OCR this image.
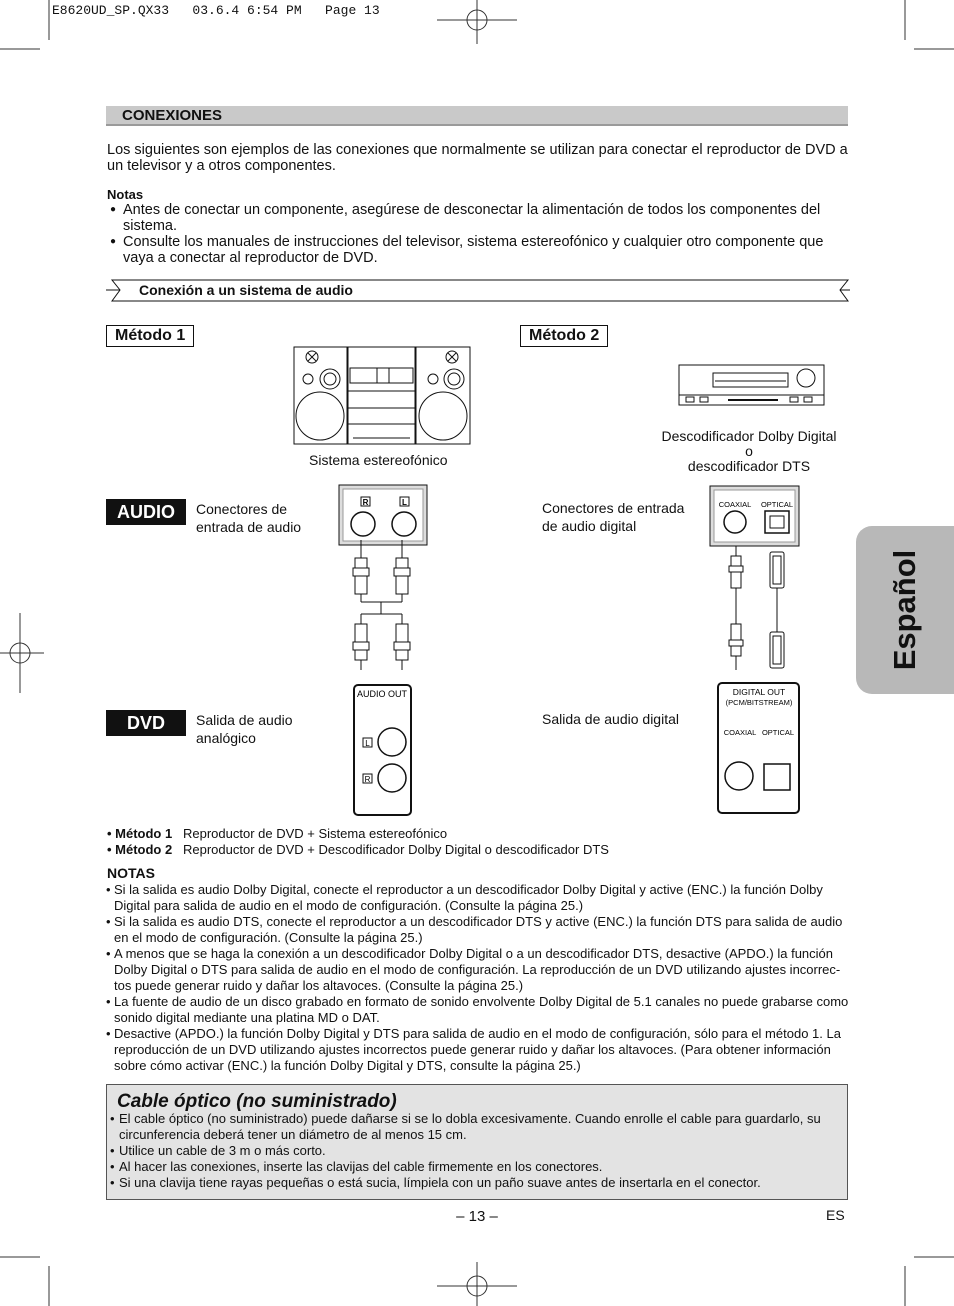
E8620UD_SP.QX33   03.6.4 6:54 PM   Page 13
CONEXIONES
Los siguientes son ejemplos de las conexiones que normalmente se utilizan para conectar el reproductor de DVD a un televisor y a otros componentes.
Notas
● Antes de conectar un componente, asegúrese de desconectar la alimentación de todos los componentes del sistema.
● Consulte los manuales de instrucciones del televisor, sistema estereofónico y cualquier otro componente que vaya a conectar al reproductor de DVD.
Conexión a un sistema de audio
Método 1	Método 2
Sistema estereofónico
Descodificador Dolby Digital
o
descodificador DTS
AUDIO
DVD
Conectores de
entrada de audio
Conectores de entrada
de audio digital
Salida de audio
analógico
Salida de audio digital
R	L
AUDIO OUT
L
R
COAXIAL OPTICAL
DIGITAL OUT
(PCM/BITSTREAM)
COAXIAL OPTICAL
• Método 1 Reproductor de DVD + Sistema estereofónico
• Método 2 Reproductor de DVD + Descodificador Dolby Digital o descodificador DTS
NOTAS
• Si la salida es audio Dolby Digital, conecte el reproductor a un descodificador Dolby Digital y active (ENC.) la función Dolby Digital para salida de audio en el modo de configuración. (Consulte la página 25.)
• Si la salida es audio DTS, conecte el reproductor a un descodificador DTS y active (ENC.) la función DTS para salida de audio en el modo de configuración. (Consulte la página 25.)
• A menos que se haga la conexión a un descodificador Dolby Digital o a un descodificador DTS, desactive (APDO.) la función Dolby Digital o DTS para salida de audio en el modo de configuración. La reproducción de un DVD utilizando ajustes incorrec-tos puede generar ruido y dañar los altavoces. (Consulte la página 25.)
• La fuente de audio de un disco grabado en formato de sonido envolvente Dolby Digital de 5.1 canales no puede grabarse como sonido digital mediante una platina MD o DAT.
• Desactive (APDO.) la función Dolby Digital y DTS para salida de audio en el modo de configuración, sólo para el método 1. La reproducción de un DVD utilizando ajustes incorrectos puede generar ruido y dañar los altavoces. (Para obtener información sobre cómo activar (ENC.) la función Dolby Digital y DTS, consulte la página 25.)
Cable óptico (no suministrado)
• El cable óptico (no suministrado) puede dañarse si se lo dobla excesivamente. Cuando enrolle el cable para guardarlo, su circunferencia deberá tener un diámetro de al menos 15 cm.
• Utilice un cable de 3 m o más corto.
• Al hacer las conexiones, inserte las clavijas del cable firmemente en los conectores.
• Si una clavija tiene rayas pequeñas o está sucia, límpiela con un paño suave antes de insertarla en el conector.
– 13 –	ES
Español
